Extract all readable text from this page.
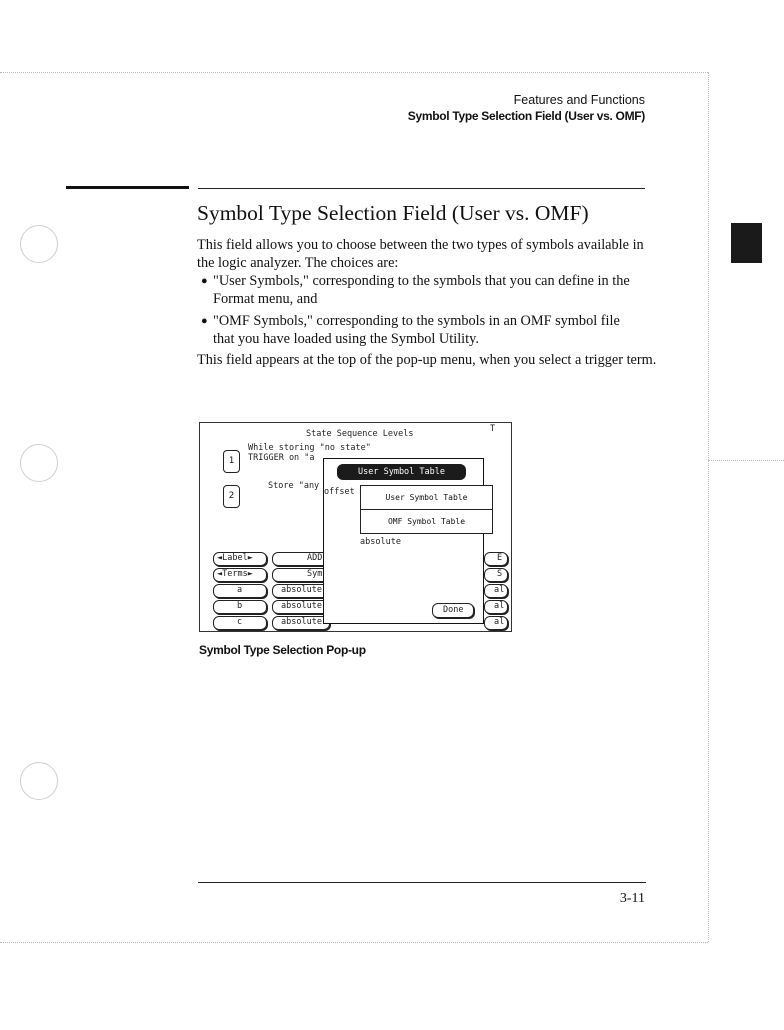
Features and Functions
Symbol Type Selection Field (User vs. OMF)
Symbol Type Selection Field (User vs. OMF)

This field allows you to choose between the two types of symbols available in the logic analyzer. The choices are:

● "User Symbols," corresponding to the symbols that you can define in the Format menu, and

● "OMF Symbols," corresponding to the symbols in an OMF symbol file that you have loaded using the Symbol Utility.

This field appears at the top of the pop-up menu, when you select a trigger term.

State Sequence Levels	T
1
While storing "no state"
TRIGGER on "a
2
Store "any
◄Label►
◄Terms►
a
b
c
ADD
Sym
absolute
absolute
absolute
E
S
al
al
al
User Symbol Table
offset
User Symbol Table
OMF Symbol Table
absolute
Done
Symbol Type Selection Pop-up
3-11
